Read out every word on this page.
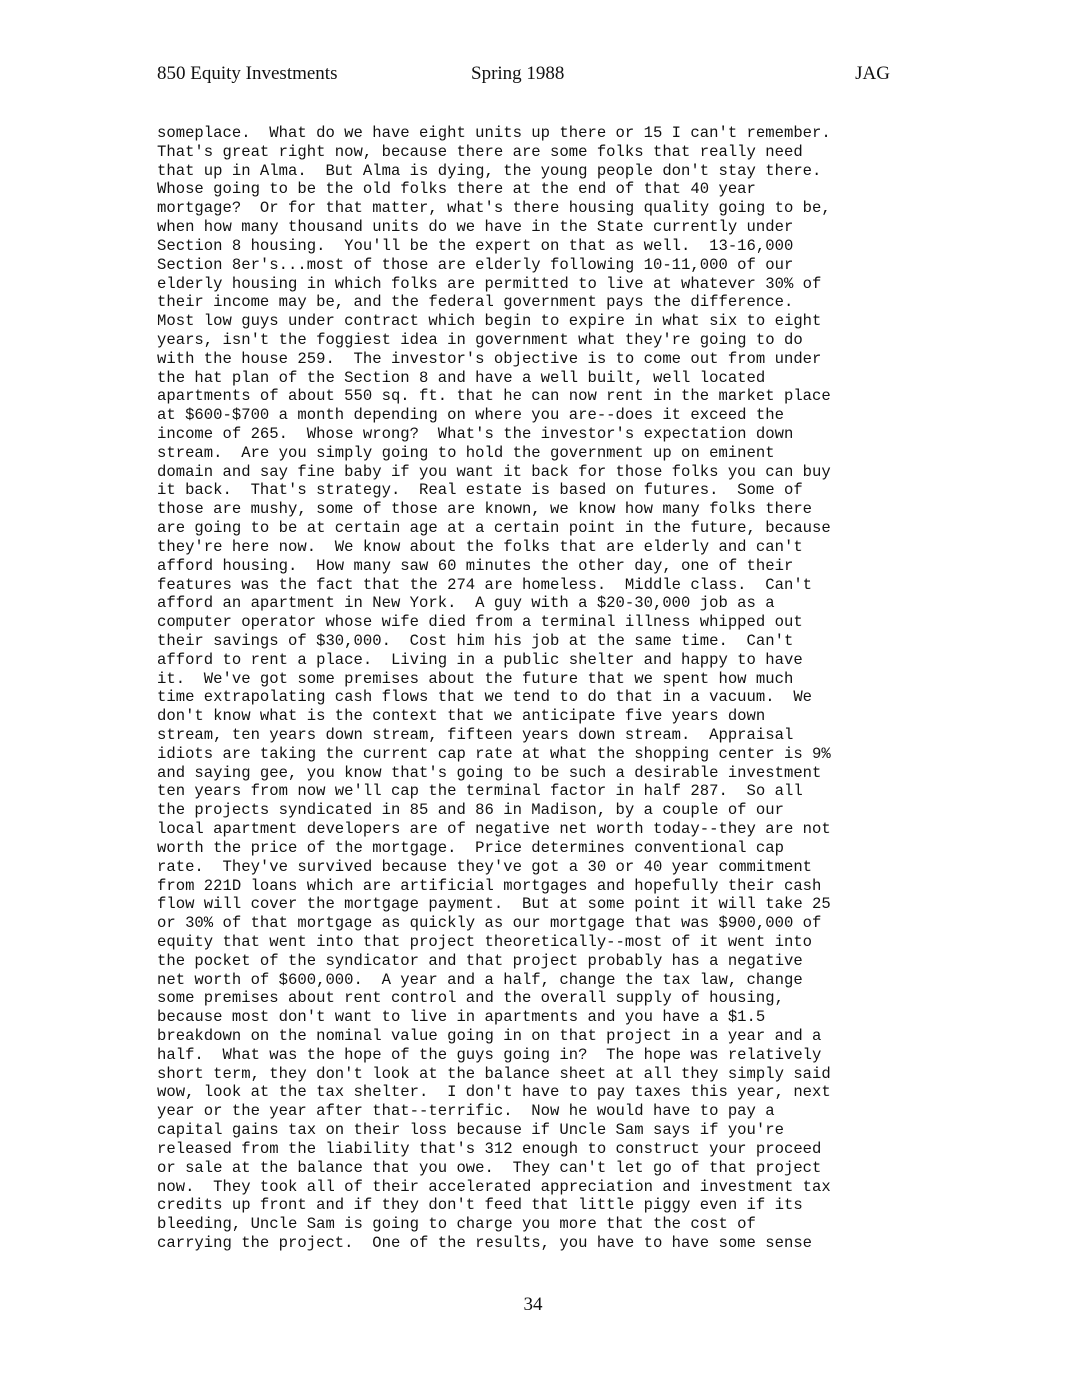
850 Equity Investments	Spring 1988	JAG
someplace.  What do we have eight units up there or 15 I can't remember.
That's great right now, because there are some folks that really need
that up in Alma.  But Alma is dying, the young people don't stay there.
Whose going to be the old folks there at the end of that 40 year
mortgage?  Or for that matter, what's there housing quality going to be,
when how many thousand units do we have in the State currently under
Section 8 housing.  You'll be the expert on that as well.  13-16,000
Section 8er's...most of those are elderly following 10-11,000 of our
elderly housing in which folks are permitted to live at whatever 30% of
their income may be, and the federal government pays the difference.
Most low guys under contract which begin to expire in what six to eight
years, isn't the foggiest idea in government what they're going to do
with the house 259.  The investor's objective is to come out from under
the hat plan of the Section 8 and have a well built, well located
apartments of about 550 sq. ft. that he can now rent in the market place
at $600-$700 a month depending on where you are--does it exceed the
income of 265.  Whose wrong?  What's the investor's expectation down
stream.  Are you simply going to hold the government up on eminent
domain and say fine baby if you want it back for those folks you can buy
it back.  That's strategy.  Real estate is based on futures.  Some of
those are mushy, some of those are known, we know how many folks there
are going to be at certain age at a certain point in the future, because
they're here now.  We know about the folks that are elderly and can't
afford housing.  How many saw 60 minutes the other day, one of their
features was the fact that the 274 are homeless.  Middle class.  Can't
afford an apartment in New York.  A guy with a $20-30,000 job as a
computer operator whose wife died from a terminal illness whipped out
their savings of $30,000.  Cost him his job at the same time.  Can't
afford to rent a place.  Living in a public shelter and happy to have
it.  We've got some premises about the future that we spent how much
time extrapolating cash flows that we tend to do that in a vacuum.  We
don't know what is the context that we anticipate five years down
stream, ten years down stream, fifteen years down stream.  Appraisal
idiots are taking the current cap rate at what the shopping center is 9%
and saying gee, you know that's going to be such a desirable investment
ten years from now we'll cap the terminal factor in half 287.  So all
the projects syndicated in 85 and 86 in Madison, by a couple of our
local apartment developers are of negative net worth today--they are not
worth the price of the mortgage.  Price determines conventional cap
rate.  They've survived because they've got a 30 or 40 year commitment
from 221D loans which are artificial mortgages and hopefully their cash
flow will cover the mortgage payment.  But at some point it will take 25
or 30% of that mortgage as quickly as our mortgage that was $900,000 of
equity that went into that project theoretically--most of it went into
the pocket of the syndicator and that project probably has a negative
net worth of $600,000.  A year and a half, change the tax law, change
some premises about rent control and the overall supply of housing,
because most don't want to live in apartments and you have a $1.5
breakdown on the nominal value going in on that project in a year and a
half.  What was the hope of the guys going in?  The hope was relatively
short term, they don't look at the balance sheet at all they simply said
wow, look at the tax shelter.  I don't have to pay taxes this year, next
year or the year after that--terrific.  Now he would have to pay a
capital gains tax on their loss because if Uncle Sam says if you're
released from the liability that's 312 enough to construct your proceed
or sale at the balance that you owe.  They can't let go of that project
now.  They took all of their accelerated appreciation and investment tax
credits up front and if they don't feed that little piggy even if its
bleeding, Uncle Sam is going to charge you more that the cost of
carrying the project.  One of the results, you have to have some sense
34
